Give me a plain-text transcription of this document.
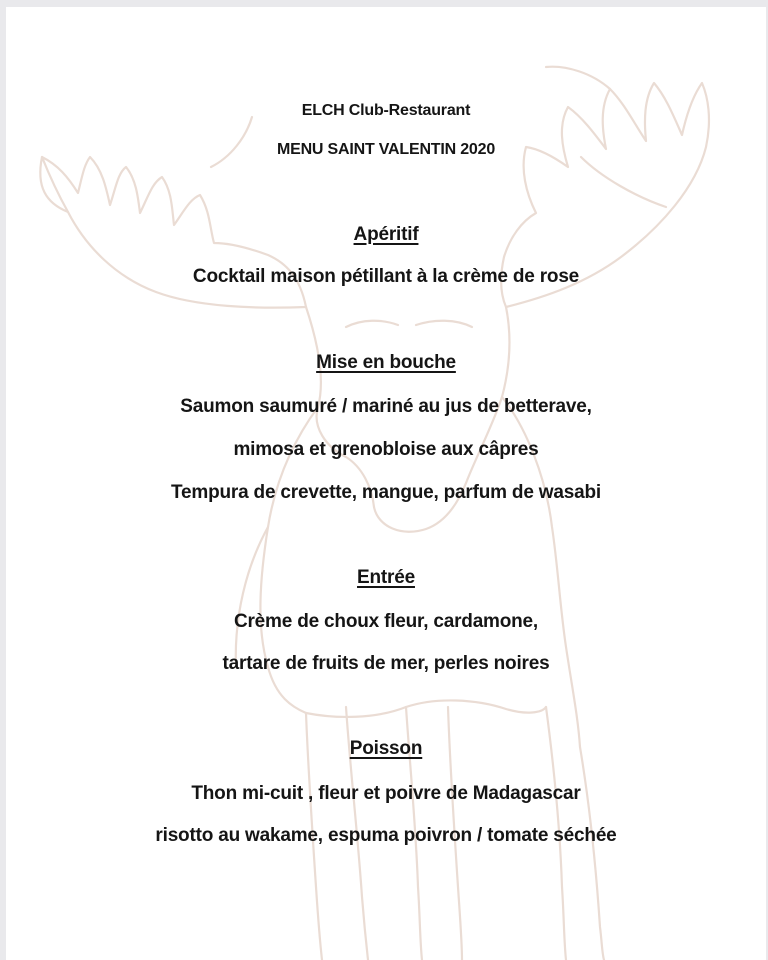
ELCH Club-Restaurant
MENU SAINT VALENTIN 2020
Apéritif
Cocktail maison pétillant à la crème de rose
Mise en bouche
Saumon saumuré / mariné au jus de betterave,
mimosa et grenobloise aux câpres
Tempura de crevette, mangue, parfum de wasabi
Entrée
Crème de choux fleur, cardamone,
tartare de fruits de mer, perles noires
Poisson
Thon mi-cuit , fleur et poivre de Madagascar
risotto au wakame, espuma poivron / tomate séchée
